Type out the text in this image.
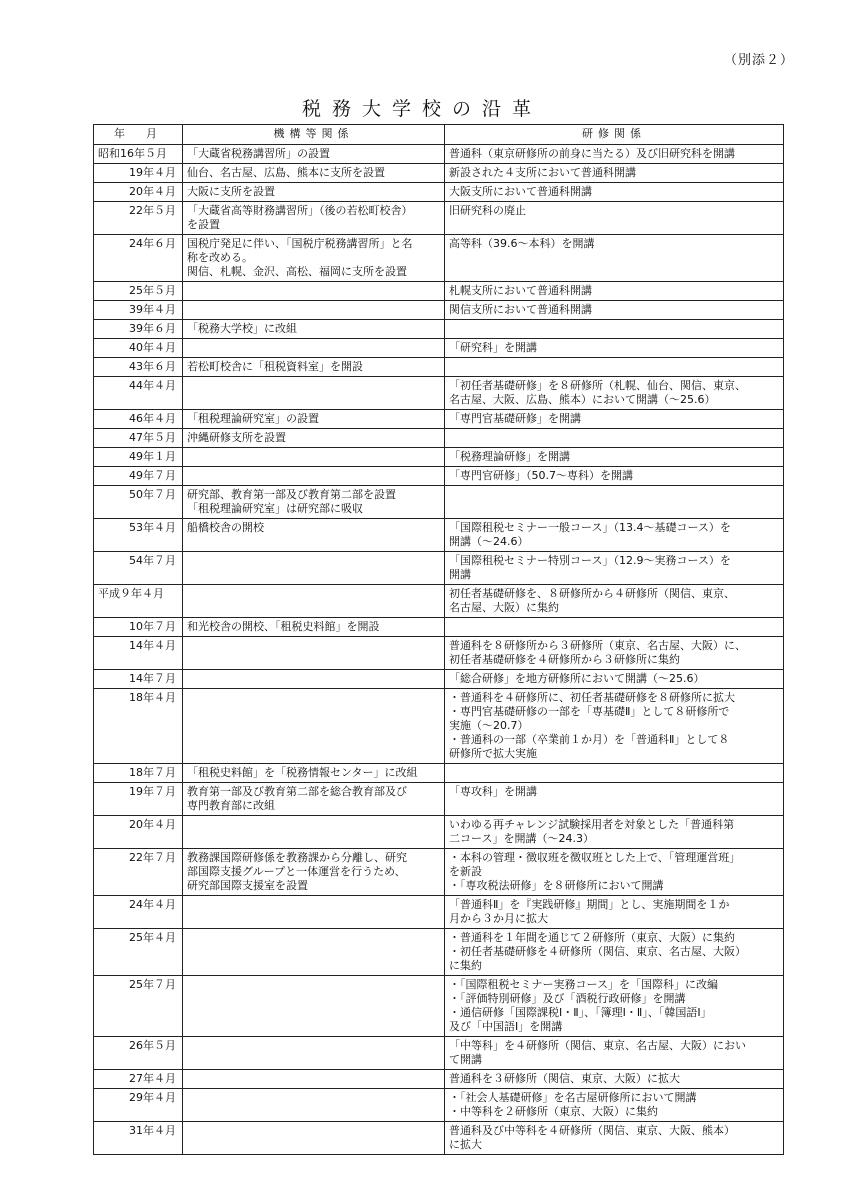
（別添２）
税務大学校の沿革
年　月	機構等関係	研修関係
昭和16年５月	「大蔵省税務講習所」の設置	普通科（東京研修所の前身に当たる）及び旧研究科を開講

19年４月	仙台、名古屋、広島、熊本に支所を設置	新設された４支所において普通科開講

20年４月	大阪に支所を設置	大阪支所において普通科開講

22年５月	「大蔵省高等財務講習所」（後の若松町校舎）
を設置	旧研究科の廃止

24年６月	国税庁発足に伴い、「国税庁税務講習所」と名
称を改める。
関信、札幌、金沢、高松、福岡に支所を設置	高等科（39.6～本科）を開講

25年５月		札幌支所において普通科開講

39年４月		関信支所において普通科開講

39年６月	「税務大学校」に改組	

40年４月		「研究科」を開講

43年６月	若松町校舎に「租税資料室」を開設	

44年４月		「初任者基礎研修」を８研修所（札幌、仙台、関信、東京、
名古屋、大阪、広島、熊本）において開講（～25.6）

46年４月	「租税理論研究室」の設置	「専門官基礎研修」を開講

47年５月	沖縄研修支所を設置	

49年１月		「税務理論研修」を開講

49年７月		「専門官研修」（50.7～専科）を開講

50年７月	研究部、教育第一部及び教育第二部を設置
「租税理論研究室」は研究部に吸収	

53年４月	船橋校舎の開校	「国際租税セミナー一般コース」（13.4～基礎コース）を
開講（～24.6）

54年７月		「国際租税セミナー特別コース」（12.9～実務コース）を
開講

平成９年４月		初任者基礎研修を、８研修所から４研修所（関信、東京、
名古屋、大阪）に集約

10年７月	和光校舎の開校、「租税史料館」を開設	

14年４月		普通科を８研修所から３研修所（東京、名古屋、大阪）に、
初任者基礎研修を４研修所から３研修所に集約

14年７月		「総合研修」を地方研修所において開講（～25.6）

18年４月		・普通科を４研修所に、初任者基礎研修を８研修所に拡大
・専門官基礎研修の一部を「専基礎Ⅱ」として８研修所で
実施（～20.7）
・普通科の一部（卒業前１か月）を「普通科Ⅱ」として８
研修所で拡大実施

18年７月	「租税史料館」を「税務情報センター」に改組	

19年７月	教育第一部及び教育第二部を総合教育部及び
専門教育部に改組	「専攻科」を開講

20年４月		いわゆる再チャレンジ試験採用者を対象とした「普通科第
二コース」を開講（～24.3）

22年７月	教務課国際研修係を教務課から分離し、研究
部国際支援グループと一体運営を行うため、
研究部国際支援室を設置	・本科の管理・徴収班を徴収班とした上で、「管理運営班」
を新設
・「専攻税法研修」を８研修所において開講

24年４月		「普通科Ⅱ」を『実践研修』期間」とし、実施期間を１か
月から３か月に拡大

25年４月		・普通科を１年間を通じて２研修所（東京、大阪）に集約
・初任者基礎研修を４研修所（関信、東京、名古屋、大阪）
に集約

25年７月		・「国際租税セミナー実務コース」を「国際科」に改編
・「評価特別研修」及び「酒税行政研修」を開講
・通信研修「国際課税Ⅰ・Ⅱ」、「簿理Ⅰ・Ⅱ」、「韓国語Ⅰ」
及び「中国語Ⅰ」を開講

26年５月		「中等科」を４研修所（関信、東京、名古屋、大阪）におい
て開講

27年４月		普通科を３研修所（関信、東京、大阪）に拡大

29年４月		・「社会人基礎研修」を名古屋研修所において開講
・中等科を２研修所（東京、大阪）に集約

31年４月		普通科及び中等科を４研修所（関信、東京、大阪、熊本）
に拡大
